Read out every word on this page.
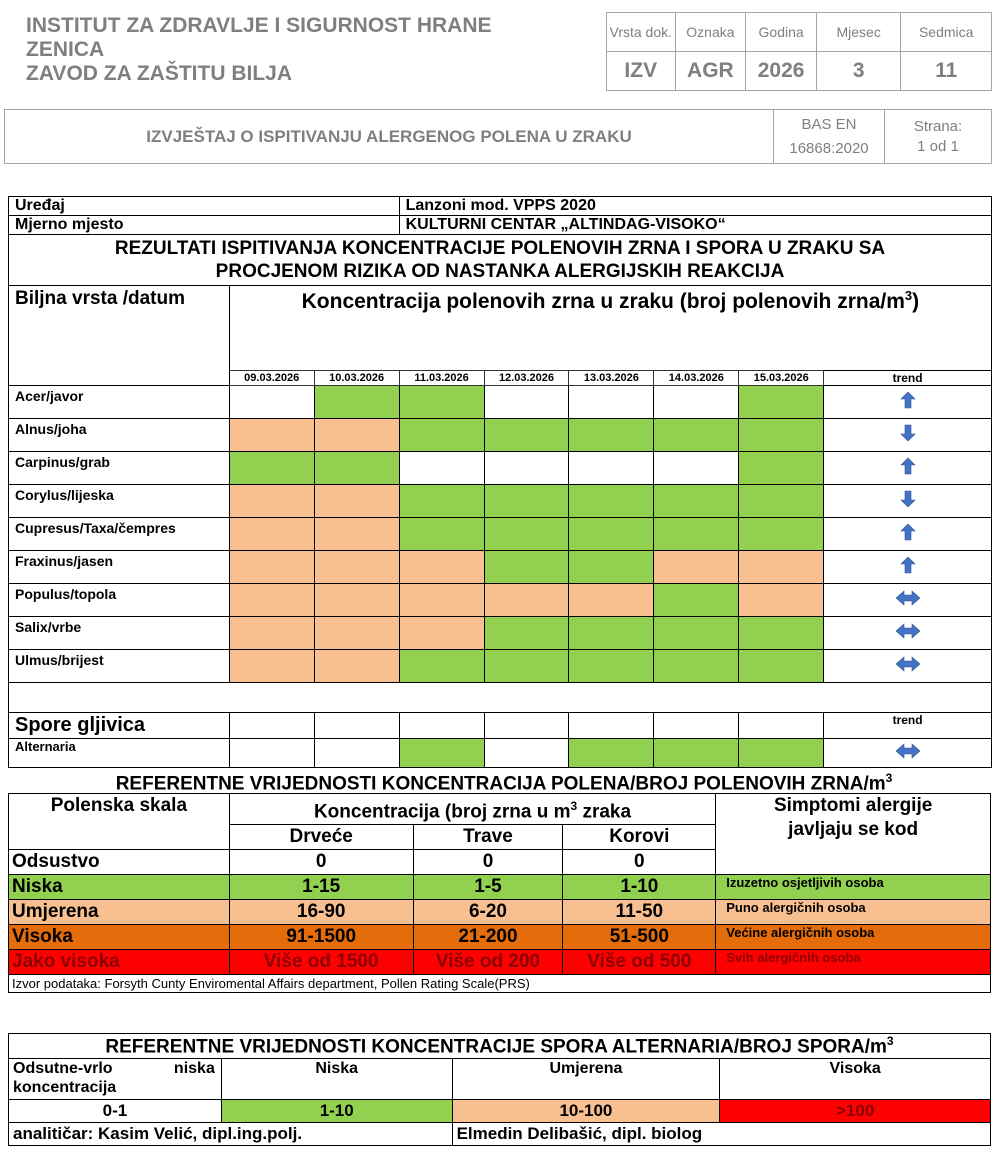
INSTITUT ZA ZDRAVLJE I SIGURNOST HRANE
ZENICA
ZAVOD ZA ZAŠTITU BILJA
Vrsta dok.	Oznaka	Godina	Mjesec	Sedmica
IZV	AGR	2026	3	11
IZVJEŠTAJ O ISPITIVANJU ALERGENOG POLENA U ZRAKU	
BAS EN
16868:2020

Strana:
1 od 1
Uređaj			Lanzoni mod. VPPS 2020					
Mjerno mjesto			KULTURNI CENTAR „ALTINDAG-VISOKO“					

REZULTATI ISPITIVANJA KONCENTRACIJE POLENOVIH ZRNA I SPORA U ZRAKU SA
PROCJENOM RIZIKA OD NASTANKA ALERGIJSKIH REAKCIJA								

Biljna vrsta /datum	Koncentracija polenovih zrna u zraku (broj polenovih zrna/$m^3$)							
	09.03.2026	10.03.2026	11.03.2026	12.03.2026	13.03.2026	14.03.2026	15.03.2026	trend
Acer/javor								
Alnus/joha								
Carpinus/grab								
Corylus/lijeska								
Cupresus/Taxa/čempres								
Fraxinus/jasen								
Populus/topola								
Salix/vrbe								
Ulmus/brijest								

Spore gljivica								trend
Alternaria								
REFERENTNE VRIJEDNOSTI KONCENTRACIJA POLENA/BROJ POLENOVIH ZRNA/$m^3$
Polenska skala	Koncentracija (broj zrna u $m^3$ zraka			Simptomi alergije
javljaju se kod

	Drveće	Trave	Korovi	
Odsustvo	0	0	0	
Niska	1-15	1-5	1-10	Izuzetno osjetljivih osoba
Umjerena	16-90	6-20	11-50	Puno alergičnih osoba
Visoka	91-1500	21-200	51-500	Većine alergičnih osoba
Jako visoka	Više od 1500	Više od 200	Više od 500	Svih alergičnih osoba
Izvor podataka: Forsyth Cunty Enviromental Affairs department, Pollen Rating Scale(PRS)				
REFERENTNE VRIJEDNOSTI KONCENTRACIJE SPORA ALTERNARIA/BROJ SPORA/$m^3$
Odsutne-vrlo niska koncentracija	Niska	Umjerena	Visoka
0-1	1-10	10-100	>100
analitičar: Kasim Velić, dipl.ing.polj.		Elmedin Delibašić, dipl. biolog	
